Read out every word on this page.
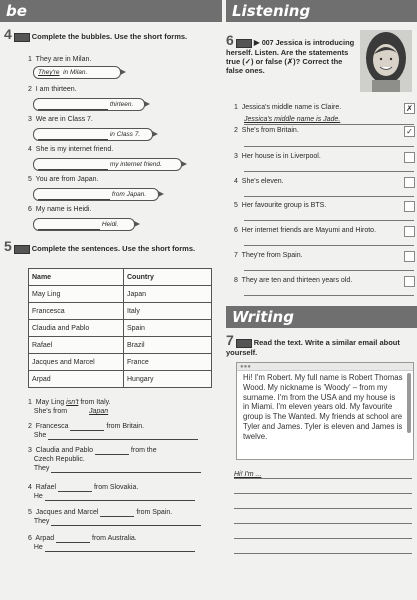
be
4	Complete the bubbles. Use the short forms.
1 They are in Milan.
They're in Milan.
2 I am thirteen.
thirteen.
3 We are in Class 7.
in Class 7.
4 She is my internet friend.
my internet friend.
5 You are from Japan.
from Japan.
6 My name is Heidi.
Heidi.
5	Complete the sentences. Use the short forms.
Name	Country
May Ling	Japan
Francesca	Italy
Claudia and Pablo	Spain
Rafael	Brazil
Jacques and Marcel	France
Arpad	Hungary
1 May Ling isn't from Italy.
She's from	Japan
2 Francesca	from Britain.
She
3 Claudia and Pablo	from the
Czech Republic.
They
4 Rafael	from Slovakia.
He
5 Jacques and Marcel	from Spain.
They
6 Arpad	from Australia.
He
Listening
6 ▶ 007 Jessica is introducing herself. Listen. Are the statements true (✓) or false (✗)? Correct the false ones.
1 Jessica's middle name is Claire.
Jessica's middle name is Jade.
✗
2 She's from Britain.	✓
3 Her house is in Liverpool.
4 She's eleven.
5 Her favourite group is BTS.
6 Her internet friends are Mayumi and Hiroto.
7 They're from Spain.
8 They are ten and thirteen years old.
Writing
7	Read the text. Write a similar email about yourself.
●●●
Hi! I'm Robert. My full name is Robert Thomas Wood. My nickname is 'Woody' – from my surname. I'm from the USA and my house is in Miami. I'm eleven years old. My favourite group is The Wanted. My friends at school are Tyler and James. Tyler is eleven and James is twelve.
Hi! I'm ...
